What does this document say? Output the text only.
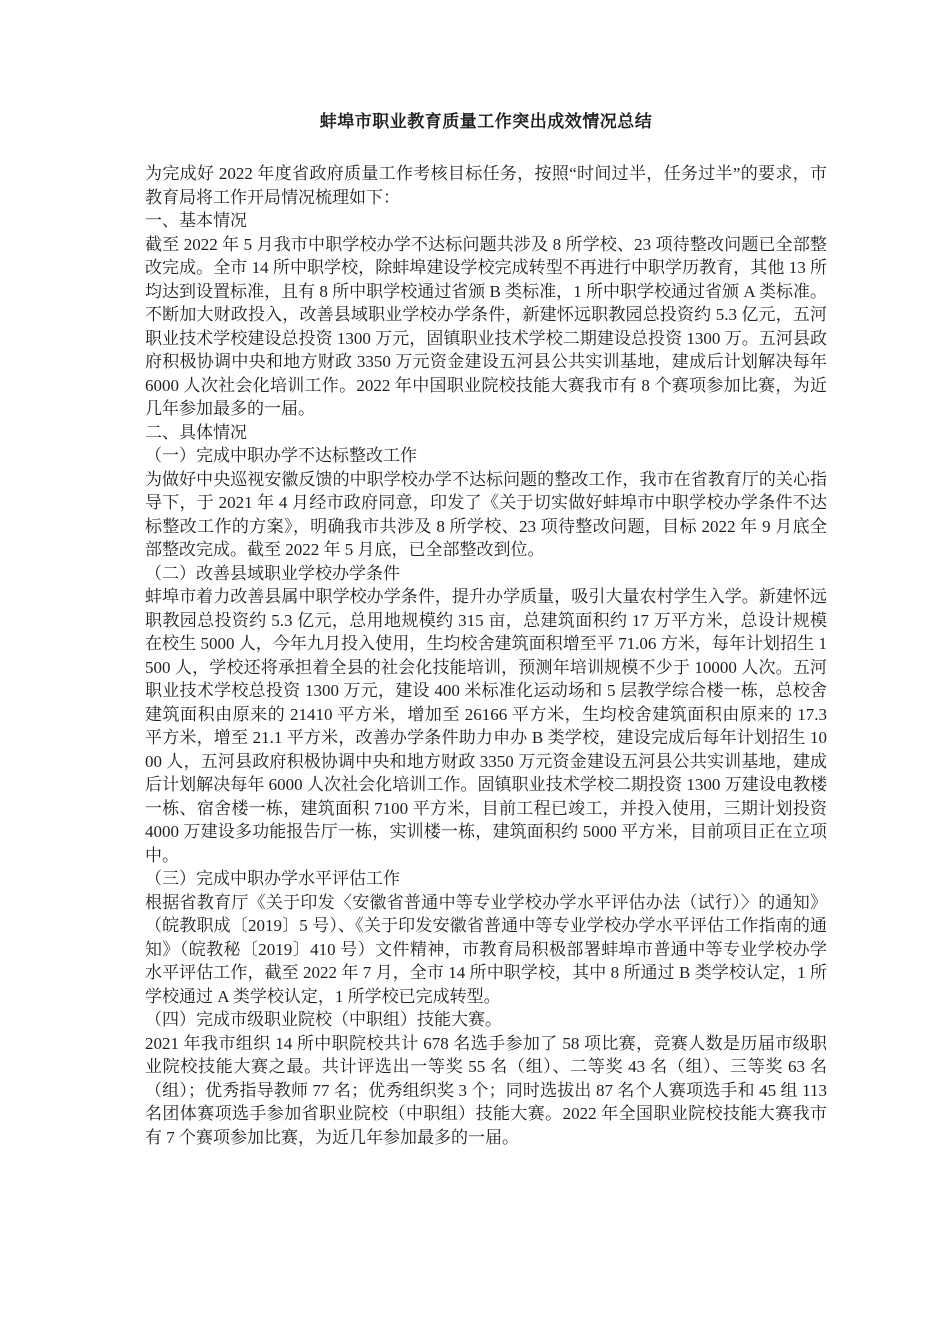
蚌埠市职业教育质量工作突出成效情况总结

为完成好 2022 年度省政府质量工作考核目标任务，按照“时间过半，任务过半”的要求，市教育局将工作开局情况梳理如下：

一、基本情况

截至 2022 年 5 月我市中职学校办学不达标问题共涉及 8 所学校、23 项待整改问题已全部整改完成。全市 14 所中职学校，除蚌埠建设学校完成转型不再进行中职学历教育，其他 13 所均达到设置标准，且有 8 所中职学校通过省颁 B 类标准，1 所中职学校通过省颁 A 类标准。不断加大财政投入，改善县域职业学校办学条件，新建怀远职教园总投资约 5.3 亿元，五河职业技术学校建设总投资 1300 万元，固镇职业技术学校二期建设总投资 1300 万。五河县政府积极协调中央和地方财政 3350 万元资金建设五河县公共实训基地，建成后计划解决每年 6000 人次社会化培训工作。2022 年中国职业院校技能大赛我市有 8 个赛项参加比赛，为近几年参加最多的一届。

二、具体情况

（一）完成中职办学不达标整改工作

为做好中央巡视安徽反馈的中职学校办学不达标问题的整改工作，我市在省教育厅的关心指导下，于 2021 年 4 月经市政府同意，印发了《关于切实做好蚌埠市中职学校办学条件不达标整改工作的方案》，明确我市共涉及 8 所学校、23 项待整改问题，目标 2022 年 9 月底全部整改完成。截至 2022 年 5 月底，已全部整改到位。

（二）改善县域职业学校办学条件

蚌埠市着力改善县属中职学校办学条件，提升办学质量，吸引大量农村学生入学。新建怀远职教园总投资约 5.3 亿元，总用地规模约 315 亩，总建筑面积约 17 万平方米，总设计规模在校生 5000 人，今年九月投入使用，生均校舍建筑面积增至平 71.06 方米，每年计划招生 1500 人，学校还将承担着全县的社会化技能培训，预测年培训规模不少于 10000 人次。五河职业技术学校总投资 1300 万元，建设 400 米标准化运动场和 5 层教学综合楼一栋，总校舍建筑面积由原来的 21410 平方米，增加至 26166 平方米，生均校舍建筑面积由原来的 17.3 平方米，增至 21.1 平方米，改善办学条件助力申办 B 类学校，建设完成后每年计划招生 1000 人，五河县政府积极协调中央和地方财政 3350 万元资金建设五河县公共实训基地，建成后计划解决每年 6000 人次社会化培训工作。固镇职业技术学校二期投资 1300 万建设电教楼一栋、宿舍楼一栋，建筑面积 7100 平方米，目前工程已竣工，并投入使用，三期计划投资 4000 万建设多功能报告厅一栋，实训楼一栋，建筑面积约 5000 平方米，目前项目正在立项中。

（三）完成中职办学水平评估工作

根据省教育厅《关于印发〈安徽省普通中等专业学校办学水平评估办法（试行）〉的通知》（皖教职成〔2019〕5 号）、《关于印发安徽省普通中等专业学校办学水平评估工作指南的通知》（皖教秘〔2019〕410 号）文件精神，市教育局积极部署蚌埠市普通中等专业学校办学水平评估工作，截至 2022 年 7 月，全市 14 所中职学校，其中 8 所通过 B 类学校认定，1 所学校通过 A 类学校认定，1 所学校已完成转型。

（四）完成市级职业院校（中职组）技能大赛。

2021 年我市组织 14 所中职院校共计 678 名选手参加了 58 项比赛，竞赛人数是历届市级职业院校技能大赛之最。共计评选出一等奖 55 名（组）、二等奖 43 名（组）、三等奖 63 名（组）；优秀指导教师 77 名；优秀组织奖 3 个；同时选拔出 87 名个人赛项选手和 45 组 113 名团体赛项选手参加省职业院校（中职组）技能大赛。2022 年全国职业院校技能大赛我市有 7 个赛项参加比赛，为近几年参加最多的一届。
